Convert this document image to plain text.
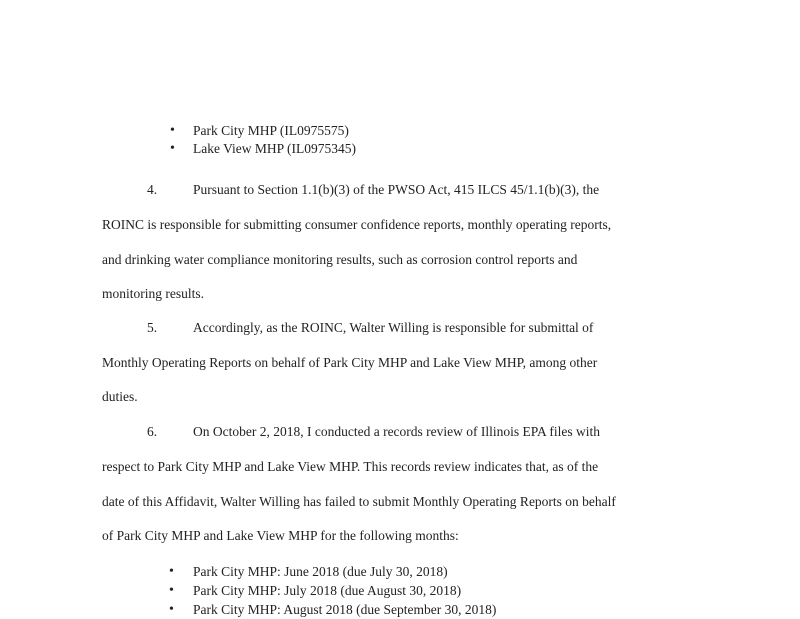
• Park City MHP (IL0975575)
• Lake View MHP (IL0975345)
4.	Pursuant to Section 1.1(b)(3) of the PWSO Act, 415 ILCS 45/1.1(b)(3), the
ROINC is responsible for submitting consumer confidence reports, monthly operating reports,
and drinking water compliance monitoring results, such as corrosion control reports and
monitoring results.
5.	Accordingly, as the ROINC, Walter Willing is responsible for submittal of
Monthly Operating Reports on behalf of Park City MHP and Lake View MHP, among other
duties.
6.	On October 2, 2018, I conducted a records review of Illinois EPA files with
respect to Park City MHP and Lake View MHP. This records review indicates that, as of the
date of this Affidavit, Walter Willing has failed to submit Monthly Operating Reports on behalf
of Park City MHP and Lake View MHP for the following months:
• Park City MHP: June 2018 (due July 30, 2018)
• Park City MHP: July 2018 (due August 30, 2018)
• Park City MHP: August 2018 (due September 30, 2018)
